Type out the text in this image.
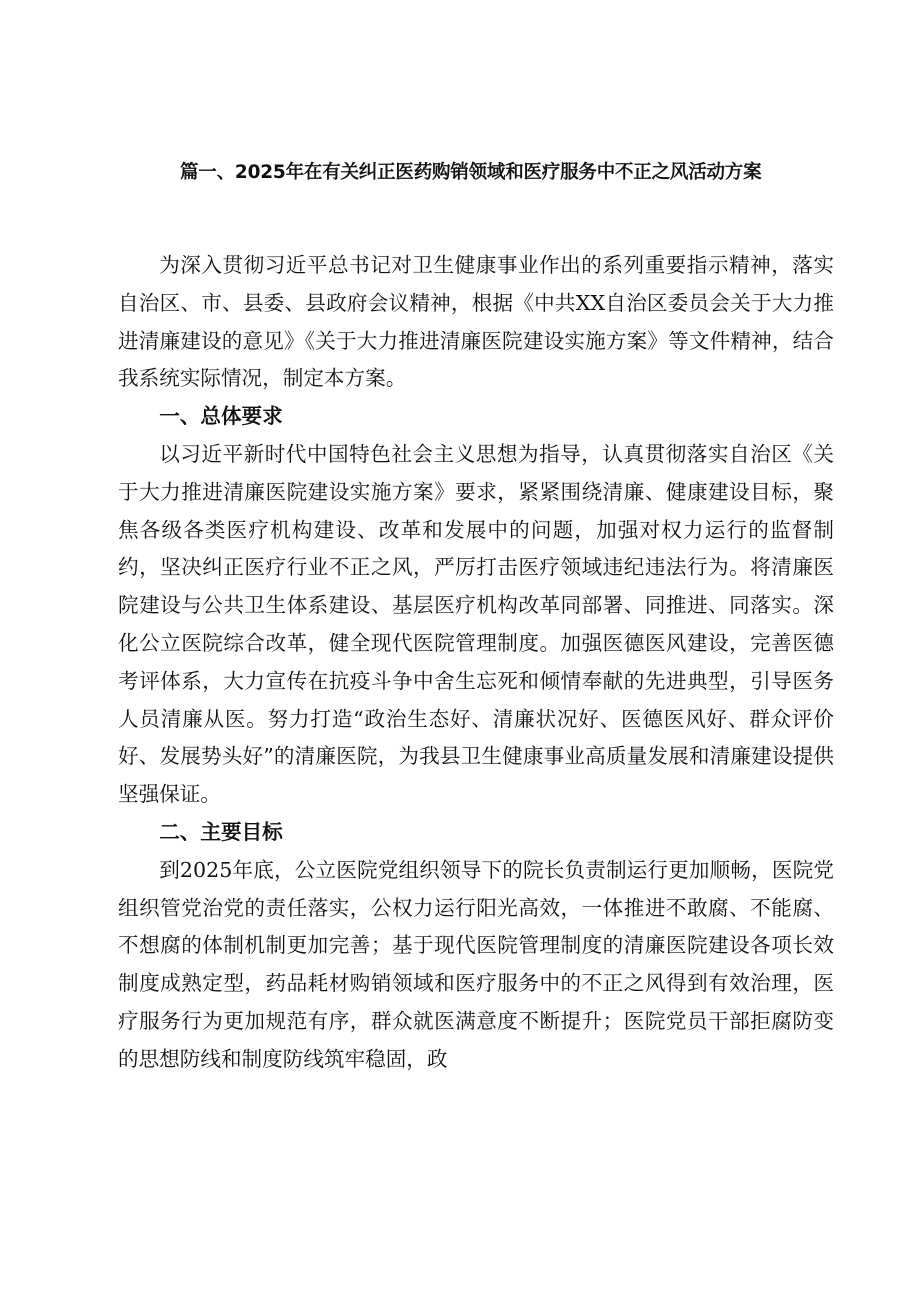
篇一、2025年在有关纠正医药购销领域和医疗服务中不正之风活动方案

为深入贯彻习近平总书记对卫生健康事业作出的系列重要指示精神，落实自治区、市、县委、县政府会议精神，根据《中共XX自治区委员会关于大力推进清廉建设的意见》《关于大力推进清廉医院建设实施方案》等文件精神，结合我系统实际情况，制定本方案。

一、总体要求

以习近平新时代中国特色社会主义思想为指导，认真贯彻落实自治区《关于大力推进清廉医院建设实施方案》要求，紧紧围绕清廉、健康建设目标，聚焦各级各类医疗机构建设、改革和发展中的问题，加强对权力运行的监督制约，坚决纠正医疗行业不正之风，严厉打击医疗领域违纪违法行为。将清廉医院建设与公共卫生体系建设、基层医疗机构改革同部署、同推进、同落实。深化公立医院综合改革，健全现代医院管理制度。加强医德医风建设，完善医德考评体系，大力宣传在抗疫斗争中舍生忘死和倾情奉献的先进典型，引导医务人员清廉从医。努力打造“政治生态好、清廉状况好、医德医风好、群众评价好、发展势头好”的清廉医院，为我县卫生健康事业高质量发展和清廉建设提供坚强保证。

二、主要目标

到2025年底，公立医院党组织领导下的院长负责制运行更加顺畅，医院党组织管党治党的责任落实，公权力运行阳光高效，一体推进不敢腐、不能腐、不想腐的体制机制更加完善；基于现代医院管理制度的清廉医院建设各项长效制度成熟定型，药品耗材购销领域和医疗服务中的不正之风得到有效治理，医疗服务行为更加规范有序，群众就医满意度不断提升；医院党员干部拒腐防变的思想防线和制度防线筑牢稳固，政
